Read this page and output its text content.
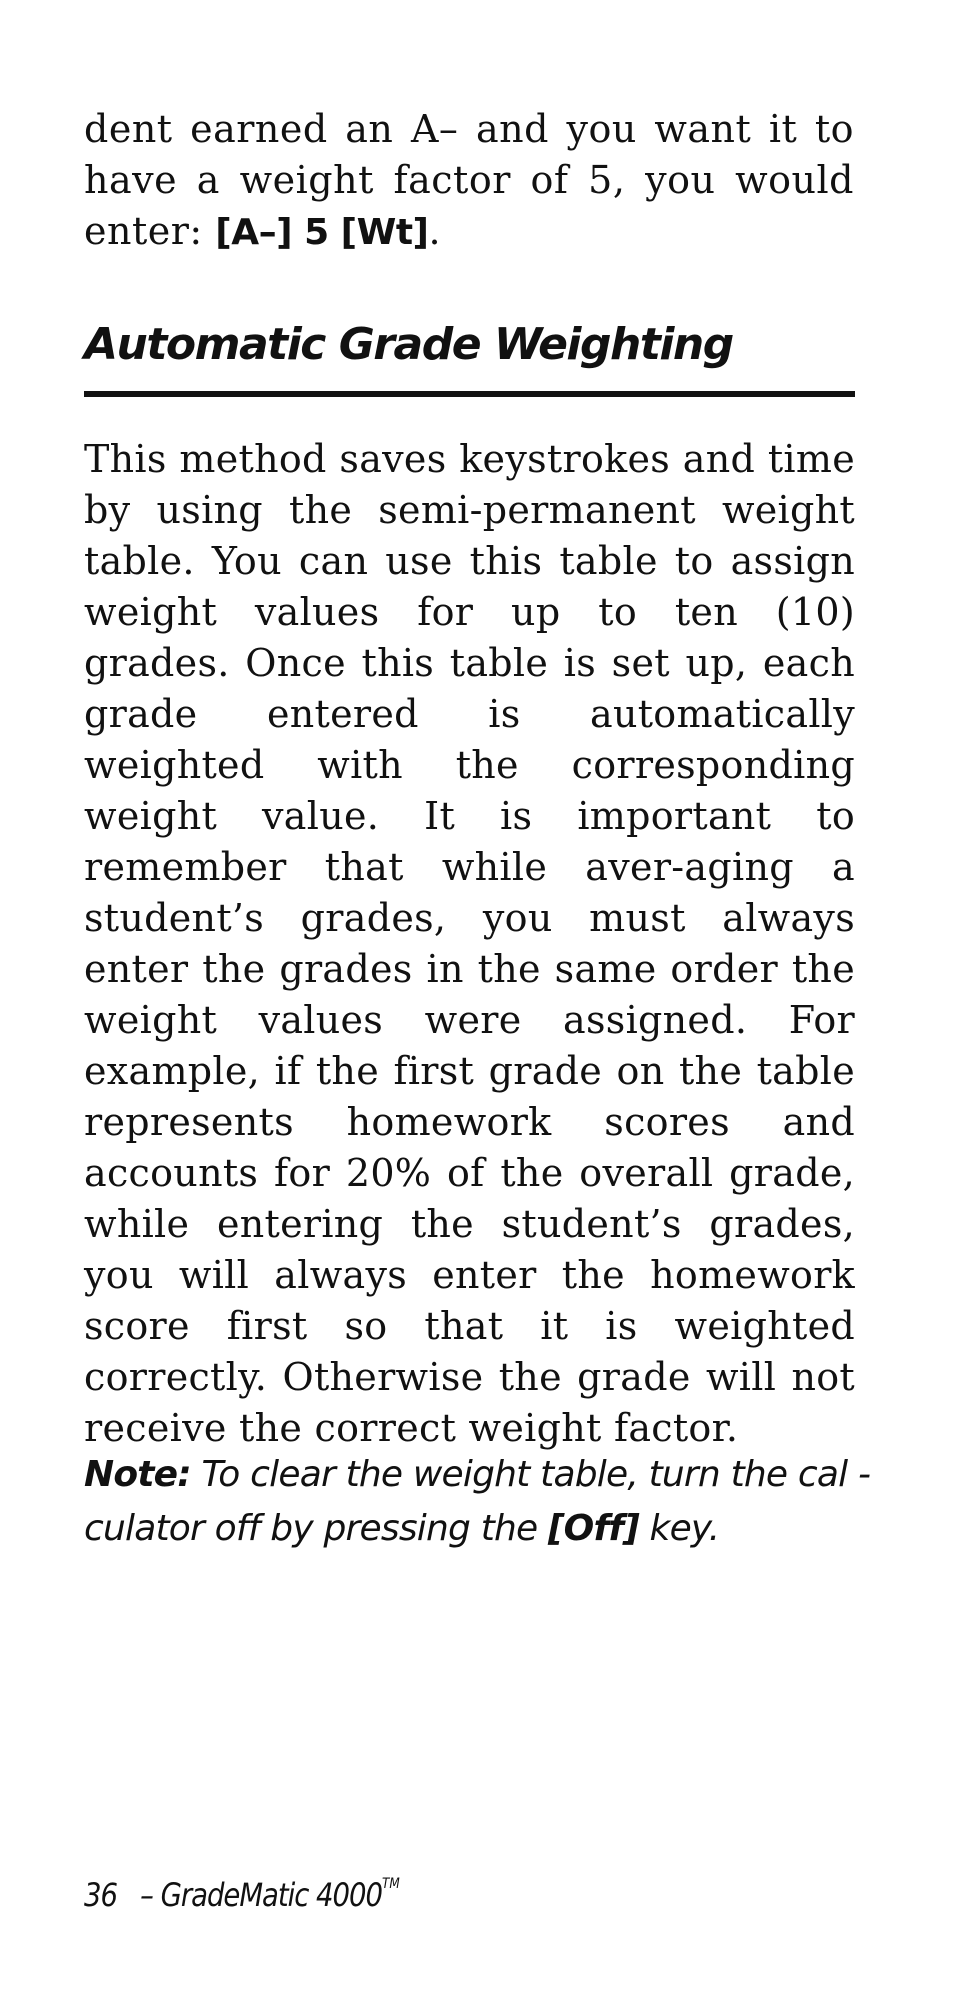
dent earned an A– and you want it to have a weight factor of 5, you would enter: [A–] 5 [Wt].

Automatic Grade Weighting

This method saves keystrokes and time by using the semi-permanent weight table. You can use this table to assign weight values for up to ten (10) grades. Once this table is set up, each grade entered is automatically weighted with the corresponding weight value. It is important to remember that while aver-aging a student’s grades, you must always enter the grades in the same order the weight values were assigned. For example, if the first grade on the table represents homework scores and accounts for 20% of the overall grade, while entering the student’s grades, you will always enter the homework score first so that it is weighted correctly. Otherwise the grade will not receive the correct weight factor.

Note: To clear the weight table, turn the cal - culator off by pressing the [Off] key.

36 – GradeMatic 4000™
